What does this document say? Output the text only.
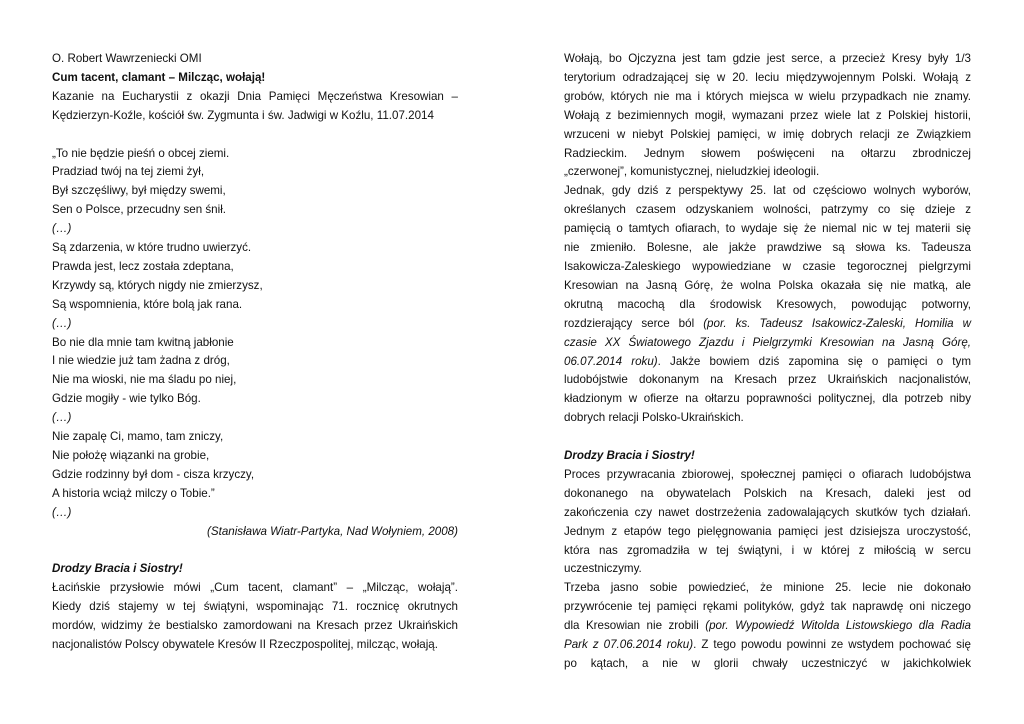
O. Robert Wawrzeniecki OMI
Cum tacent, clamant – Milcząc, wołają!
Kazanie na Eucharystii z okazji Dnia Pamięci Męczeństwa Kresowian –
Kędzierzyn-Koźle, kościół św. Zygmunta i św. Jadwigi w Koźlu, 11.07.2014
„To nie będzie pieśń o obcej ziemi.
Pradziad twój na tej ziemi żył,
Był szczęśliwy, był między swemi,
Sen o Polsce, przecudny sen śnił.
(…)
Są zdarzenia, w które trudno uwierzyć.
Prawda jest, lecz została zdeptana,
Krzywdy są, których nigdy nie zmierzysz,
Są wspomnienia, które bolą jak rana.
(…)
Bo nie dla mnie tam kwitną jabłonie
I nie wiedzie już tam żadna z dróg,
Nie ma wioski, nie ma śladu po niej,
Gdzie mogiły - wie tylko Bóg.
(…)
Nie zapalę Ci, mamo, tam zniczy,
Nie położę wiązanki na grobie,
Gdzie rodzinny był dom - cisza krzyczy,
A historia wciąż milczy o Tobie.”
(…)
(Stanisława Wiatr-Partyka, Nad Wołyniem, 2008)
Drodzy Bracia i Siostry!
Łacińskie przysłowie mówi „Cum tacent, clamant” – „Milcząc, wołają”.
Kiedy dziś stajemy w tej świątyni, wspominając 71. rocznicę okrutnych
mordów, widzimy że bestialsko zamordowani na Kresach przez Ukraińskich
nacjonalistów Polscy obywatele Kresów II Rzeczpospolitej, milcząc, wołają.
Wołają, bo Ojczyzna jest tam gdzie jest serce, a przecież Kresy były 1/3
terytorium odradzającej się w 20. leciu międzywojennym Polski. Wołają z
grobów, których nie ma i których miejsca w wielu przypadkach nie znamy.
Wołają z bezimiennych mogił, wymazani przez wiele lat z Polskiej historii,
wrzuceni w niebyt Polskiej pamięci, w imię dobrych relacji ze Związkiem
Radzieckim. Jednym słowem poświęceni na ołtarzu zbrodniczej
„czerwonej”, komunistycznej, nieludzkiej ideologii.
Jednak, gdy dziś z perspektywy 25. lat od częściowo wolnych wyborów,
określanych czasem odzyskaniem wolności, patrzymy co się dzieje z
pamięcią o tamtych ofiarach, to wydaje się że niemal nic w tej materii się
nie zmieniło. Bolesne, ale jakże prawdziwe są słowa ks. Tadeusza
Isakowicza-Zaleskiego wypowiedziane w czasie tegorocznej pielgrzymi
Kresowian na Jasną Górę, że wolna Polska okazała się nie matką, ale
okrutną macochą dla środowisk Kresowych, powodując potworny,
rozdzierający serce ból (por. ks. Tadeusz Isakowicz-Zaleski, Homilia w
czasie XX Światowego Zjazdu i Pielgrzymki Kresowian na Jasną Górę,
06.07.2014 roku). Jakże bowiem dziś zapomina się o pamięci o tym
ludobójstwie dokonanym na Kresach przez Ukraińskich nacjonalistów,
kładzionym w ofierze na ołtarzu poprawności politycznej, dla potrzeb niby
dobrych relacji Polsko-Ukraińskich.
Drodzy Bracia i Siostry!
Proces przywracania zbiorowej, społecznej pamięci o ofiarach ludobójstwa
dokonanego na obywatelach Polskich na Kresach, daleki jest od
zakończenia czy nawet dostrzeżenia zadowalających skutków tych działań.
Jednym z etapów tego pielęgnowania pamięci jest dzisiejsza uroczystość,
która nas zgromadziła w tej świątyni, i w której z miłością w sercu
uczestniczymy.
Trzeba jasno sobie powiedzieć, że minione 25. lecie nie dokonało
przywrócenie tej pamięci rękami polityków, gdyż tak naprawdę oni niczego
dla Kresowian nie zrobili (por. Wypowiedź Witolda Listowskiego dla Radia
Park z 07.06.2014 roku). Z tego powodu powinni ze wstydem pochować się
po kątach, a nie w glorii chwały uczestniczyć w jakichkolwiek
